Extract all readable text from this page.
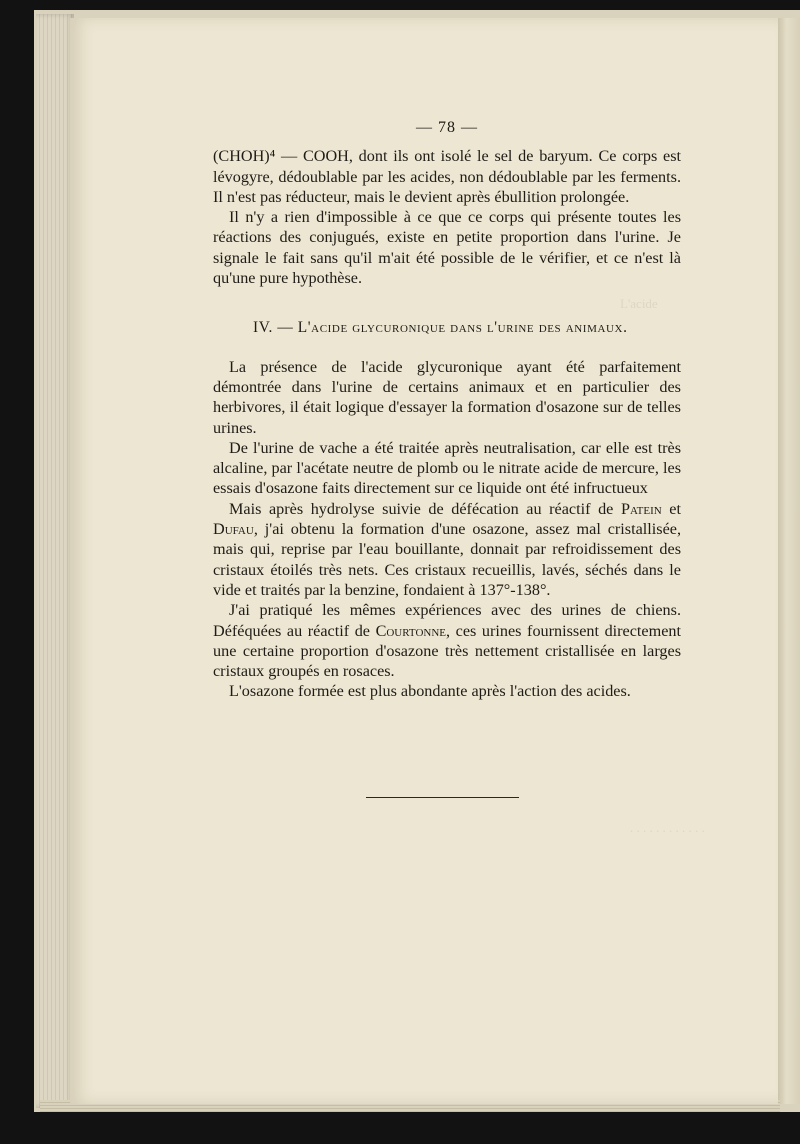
L'acide
. . . . . . . . . . . .
— 78 —

(CHOH)⁴ — COOH, dont ils ont isolé le sel de baryum. Ce corps est lévogyre, dédoublable par les acides, non dédoublable par les ferments. Il n'est pas réducteur, mais le devient après ébullition prolongée.

Il n'y a rien d'impossible à ce que ce corps qui présente toutes les réactions des conjugués, existe en petite proportion dans l'urine. Je signale le fait sans qu'il m'ait été possible de le vérifier, et ce n'est là qu'une pure hypothèse.

IV. — L'acide glycuronique dans l'urine des animaux.

La présence de l'acide glycuronique ayant été parfaitement démontrée dans l'urine de certains animaux et en particulier des herbivores, il était logique d'essayer la formation d'osazone sur de telles urines.

De l'urine de vache a été traitée après neutralisation, car elle est très alcaline, par l'acétate neutre de plomb ou le nitrate acide de mercure, les essais d'osazone faits directement sur ce liquide ont été infructueux

Mais après hydrolyse suivie de défécation au réactif de Patein et Dufau, j'ai obtenu la formation d'une osazone, assez mal cristallisée, mais qui, reprise par l'eau bouillante, donnait par refroidissement des cristaux étoilés très nets. Ces cristaux recueillis, lavés, séchés dans le vide et traités par la benzine, fondaient à 137°-138°.

J'ai pratiqué les mêmes expériences avec des urines de chiens. Déféquées au réactif de Courtonne, ces urines fournissent directement une certaine proportion d'osazone très nettement cristallisée en larges cristaux groupés en rosaces.

L'osazone formée est plus abondante après l'action des acides.
